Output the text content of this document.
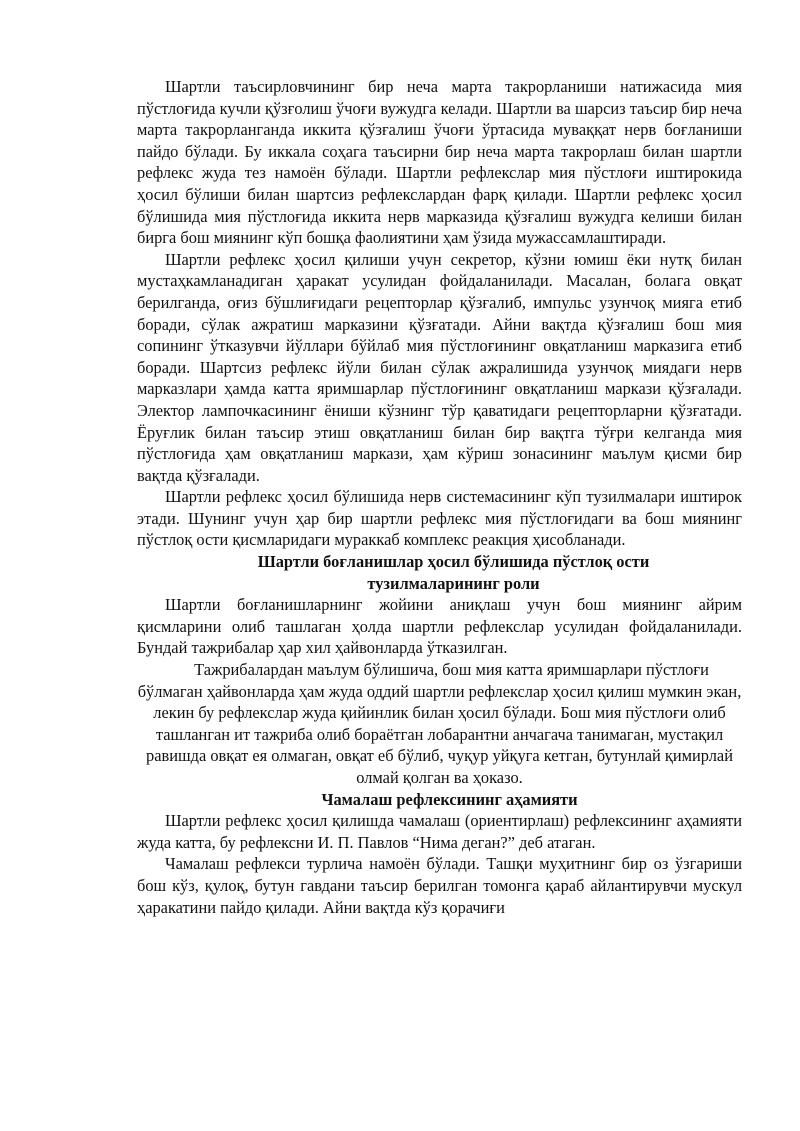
Шартли таъсирловчининг бир неча марта такрорланиши натижасида мия пўстлоғида кучли қўзғолиш ўчоғи вужудга келади. Шартли ва шарсиз таъсир бир неча марта такрорланганда иккита қўзғалиш ўчоғи ўртасида муваққат нерв боғланиши пайдо бўлади. Бу иккала соҳага таъсирни бир неча марта такрорлаш билан шартли рефлекс жуда тез намоён бўлади. Шартли рефлекслар мия пўстлоғи иштирокида ҳосил бўлиши билан шартсиз рефлекслардан фарқ қилади. Шартли рефлекс ҳосил бўлишида мия пўстлоғида иккита нерв марказида қўзғалиш вужудга келиши билан бирга бош миянинг кўп бошқа фаолиятини ҳам ўзида мужассамлаштиради.

Шартли рефлекс ҳосил қилиши учун секретор, кўзни юмиш ёки нутқ билан мустаҳкамланадиган ҳаракат усулидан фойдаланилади. Масалан, болага овқат берилганда, оғиз бўшлиғидаги рецепторлар қўзғалиб, импульс узунчоқ мияга етиб боради, сўлак ажратиш марказини қўзғатади. Айни вақтда қўзғалиш бош мия сопининг ўтказувчи йўллари бўйлаб мия пўстлоғининг овқатланиш марказига етиб боради. Шартсиз рефлекс йўли билан сўлак ажралишида узунчоқ миядаги нерв марказлари ҳамда катта яримшарлар пўстлоғининг овқатланиш маркази қўзғалади. Электор лампочкасининг ёниши кўзнинг тўр қаватидаги рецепторларни қўзғатади. Ёруғлик билан таъсир этиш овқатланиш билан бир вақтга тўғри келганда мия пўстлоғида ҳам овқатланиш маркази, ҳам кўриш зонасининг маълум қисми бир вақтда қўзғалади.

Шартли рефлекс ҳосил бўлишида нерв системасининг кўп тузилмалари иштирок этади. Шунинг учун ҳар бир шартли рефлекс мия пўстлоғидаги ва бош миянинг пўстлоқ ости қисмларидаги мураккаб комплекс реакция ҳисобланади.

Шартли боғланишлар ҳосил бўлишида пўстлоқ ости
тузилмаларининг роли

Шартли боғланишларнинг жойини аниқлаш учун бош миянинг айрим қисмларини олиб ташлаган ҳолда шартли рефлекслар усулидан фойдаланилади. Бундай тажрибалар ҳар хил ҳайвонларда ўтказилган.

Тажрибалардан маълум бўлишича, бош мия катта яримшарлари пўстлоғи бўлмаган ҳайвонларда ҳам жуда оддий шартли рефлекслар ҳосил қилиш мумкин экан, лекин бу рефлекслар жуда қийинлик билан ҳосил бўлади. Бош мия пўстлоғи олиб ташланган ит тажриба олиб бораётган лобарантни анчагача танимаган, мустақил равишда овқат ея олмаган, овқат еб бўлиб, чуқур уйқуга кетган, бутунлай қимирлай олмай қолган ва ҳоказо.

Чамалаш рефлексининг аҳамияти

Шартли рефлекс ҳосил қилишда чамалаш (ориентирлаш) рефлексининг аҳамияти жуда катта, бу рефлексни И. П. Павлов “Нима деган?” деб атаган.

Чамалаш рефлекси турлича намоён бўлади. Ташқи муҳитнинг бир оз ўзгариши бош кўз, қулоқ, бутун гавдани таъсир берилган томонга қараб айлантирувчи мускул ҳаракатини пайдо қилади. Айни вақтда кўз қорачиғи
